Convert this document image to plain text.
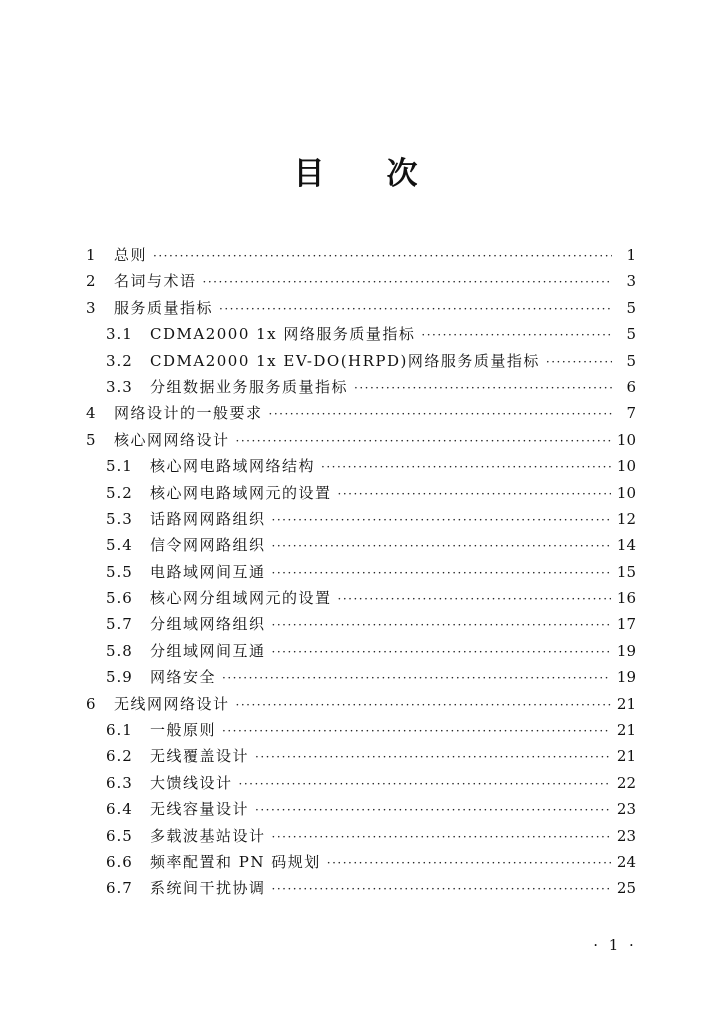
目 次
1	总则 ·····	1
2	名词与术语 ·····	3
3	服务质量指标 ·····	5
3.1	CDMA2000 1x 网络服务质量指标 ·····	5
3.2	CDMA2000 1x EV-DO(HRPD)网络服务质量指标 ·····	5
3.3	分组数据业务服务质量指标 ·····	6
4	网络设计的一般要求 ·····	7
5	核心网网络设计 ·····	10
5.1	核心网电路域网络结构 ·····	10
5.2	核心网电路域网元的设置 ·····	10
5.3	话路网网路组织 ·····	12
5.4	信令网网路组织 ·····	14
5.5	电路域网间互通 ·····	15
5.6	核心网分组域网元的设置 ·····	16
5.7	分组域网络组织 ·····	17
5.8	分组域网间互通 ·····	19
5.9	网络安全 ·····	19
6	无线网网络设计 ·····	21
6.1	一般原则 ·····	21
6.2	无线覆盖设计 ·····	21
6.3	大馈线设计 ·····	22
6.4	无线容量设计 ·····	23
6.5	多载波基站设计 ·····	23
6.6	频率配置和 PN 码规划 ·····	24
6.7	系统间干扰协调 ·····	25
· 1 ·
